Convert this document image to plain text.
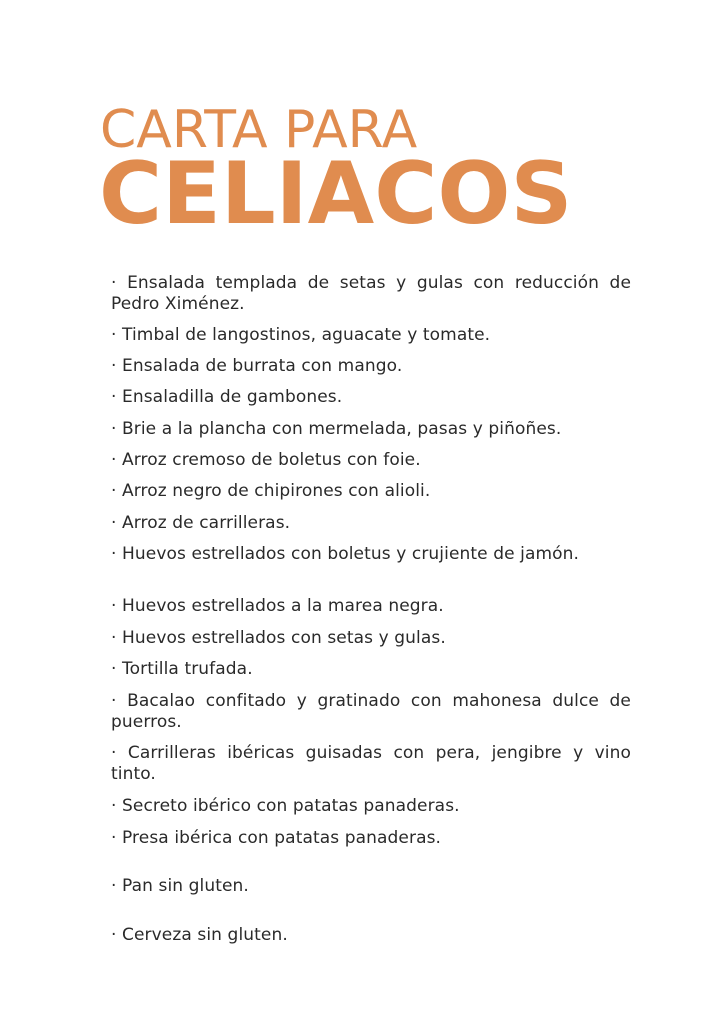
CARTA PARA
CELIACOS
· Ensalada templada de setas y gulas con reducción de Pedro Ximénez.
· Timbal de langostinos, aguacate y tomate.
· Ensalada de burrata con mango.
· Ensaladilla de gambones.
· Brie a la plancha con mermelada, pasas y piñoñes.
· Arroz cremoso de boletus con foie.
· Arroz negro de chipirones con alioli.
· Arroz de carrilleras.
· Huevos estrellados con boletus y crujiente de jamón.
· Huevos estrellados a la marea negra.
· Huevos estrellados con setas y gulas.
· Tortilla trufada.
· Bacalao confitado y gratinado con mahonesa dulce de puerros.
· Carrilleras ibéricas guisadas con pera, jengibre y vino tinto.
· Secreto ibérico con patatas panaderas.
· Presa ibérica con patatas panaderas.
· Pan sin gluten.
· Cerveza sin gluten.
